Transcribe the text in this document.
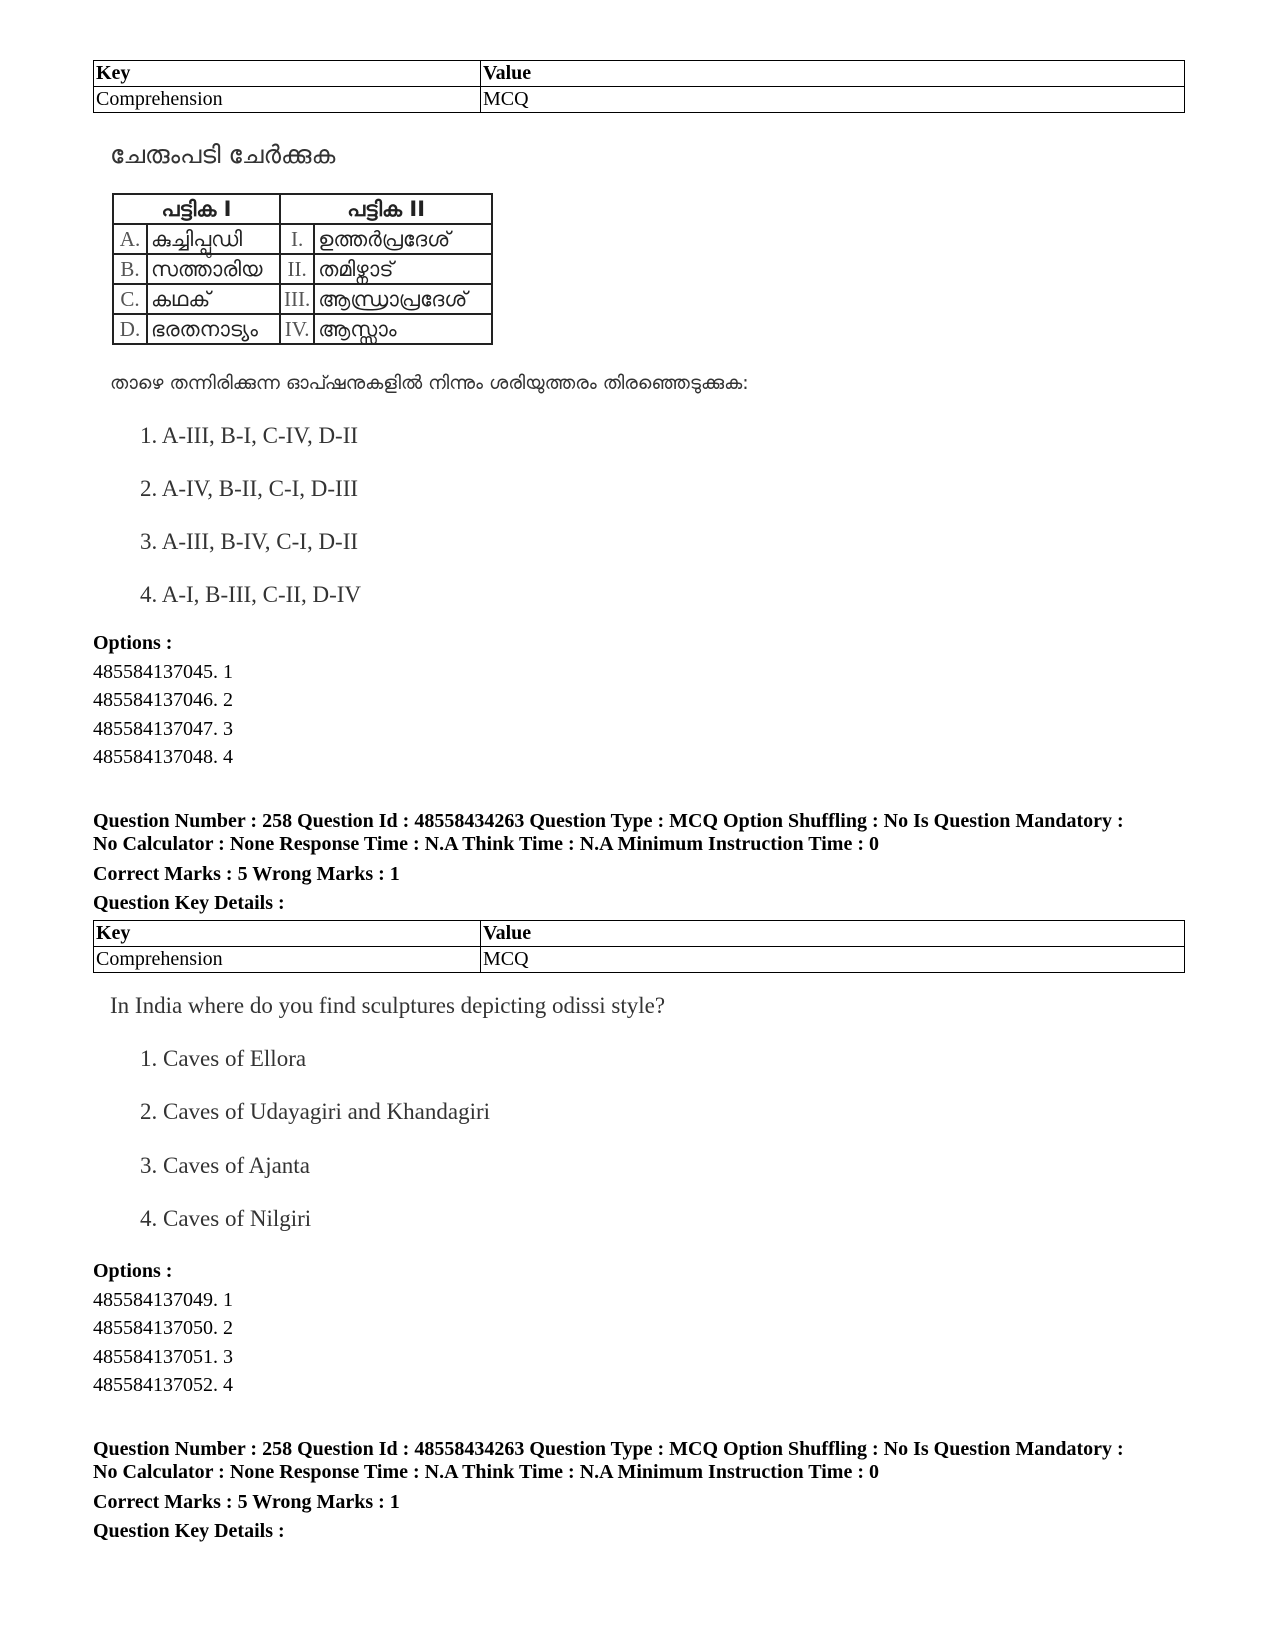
Key	Value
Comprehension	MCQ
ചേരുംപടി ചേർക്കുക
പട്ടിക I		പട്ടിക II	
A.	കുച്ചിപ്പുഡി	I.	ഉത്തർപ്രദേശ്
B.	സത്താരിയ	II.	തമിഴ്നാട്
C.	കഥക്	III.	ആന്ധ്രാപ്രദേശ്
D.	ഭരതനാട്യം	IV.	ആസ്സാം
താഴെ തന്നിരിക്കുന്ന ഓപ്ഷനുകളിൽ നിന്നും ശരിയുത്തരം തിരഞ്ഞെടുക്കുക:
1. A-III, B-I, C-IV, D-II
2. A-IV, B-II, C-I, D-III
3. A-III, B-IV, C-I, D-II
4. A-I, B-III, C-II, D-IV
Options :
485584137045. 1
485584137046. 2
485584137047. 3
485584137048. 4
Question Number : 258 Question Id : 48558434263 Question Type : MCQ Option Shuffling : No Is Question Mandatory :
No Calculator : None Response Time : N.A Think Time : N.A Minimum Instruction Time : 0
Correct Marks : 5 Wrong Marks : 1
Question Key Details :
Key	Value
Comprehension	MCQ
In India where do you find sculptures depicting odissi style?
1. Caves of Ellora
2. Caves of Udayagiri and Khandagiri
3. Caves of Ajanta
4. Caves of Nilgiri
Options :
485584137049. 1
485584137050. 2
485584137051. 3
485584137052. 4
Question Number : 258 Question Id : 48558434263 Question Type : MCQ Option Shuffling : No Is Question Mandatory :
No Calculator : None Response Time : N.A Think Time : N.A Minimum Instruction Time : 0
Correct Marks : 5 Wrong Marks : 1
Question Key Details :
